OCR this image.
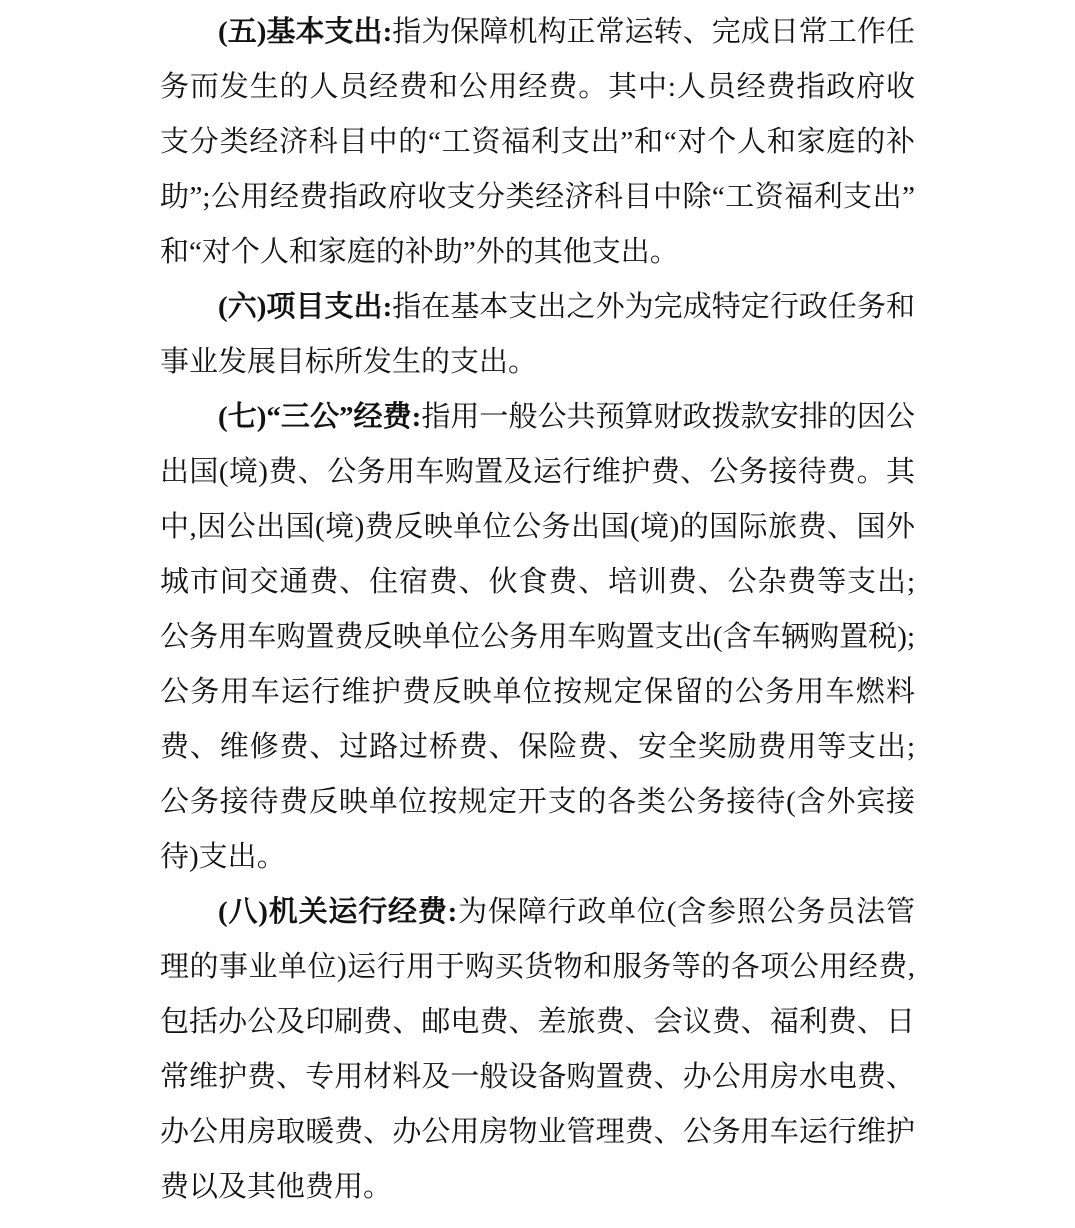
(五)基本支出:指为保障机构正常运转、完成日常工作任务而发生的人员经费和公用经费。其中:人员经费指政府收支分类经济科目中的“工资福利支出”和“对个人和家庭的补助”;公用经费指政府收支分类经济科目中除“工资福利支出”和“对个人和家庭的补助”外的其他支出。

(六)项目支出:指在基本支出之外为完成特定行政任务和事业发展目标所发生的支出。

(七)“三公”经费:指用一般公共预算财政拨款安排的因公出国(境)费、公务用车购置及运行维护费、公务接待费。其中,因公出国(境)费反映单位公务出国(境)的国际旅费、国外城市间交通费、住宿费、伙食费、培训费、公杂费等支出;公务用车购置费反映单位公务用车购置支出(含车辆购置税);公务用车运行维护费反映单位按规定保留的公务用车燃料费、维修费、过路过桥费、保险费、安全奖励费用等支出;公务接待费反映单位按规定开支的各类公务接待(含外宾接待)支出。

(八)机关运行经费:为保障行政单位(含参照公务员法管理的事业单位)运行用于购买货物和服务等的各项公用经费,包括办公及印刷费、邮电费、差旅费、会议费、福利费、日常维护费、专用材料及一般设备购置费、办公用房水电费、办公用房取暖费、办公用房物业管理费、公务用车运行维护费以及其他费用。
